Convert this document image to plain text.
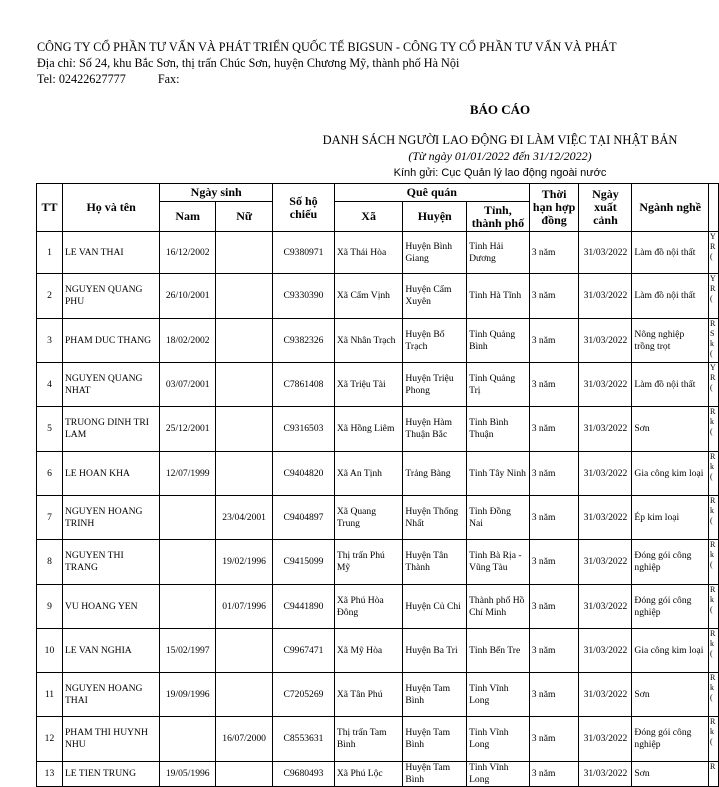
CÔNG TY CỔ PHẦN TƯ VẤN VÀ PHÁT TRIỂN QUỐC TẾ BIGSUN - CÔNG TY CỔ PHẦN TƯ VẤN VÀ PHÁT
Địa chỉ: Số 24, khu Bắc Sơn, thị trấn Chúc Sơn, huyện Chương Mỹ, thành phố Hà Nội
Tel: 02422627777	Fax:
BÁO CÁO
DANH SÁCH NGƯỜI LAO ĐỘNG ĐI LÀM VIỆC TẠI NHẬT BẢN
(Từ ngày 01/01/2022 đến 31/12/2022)
Kính gửi: Cục Quản lý lao động ngoài nước
TT	Họ và tên	Ngày sinh		Số hộ chiếu	Quê quán			Thời hạn hợp đồng	Ngày xuất cảnh	Ngành nghề	
		Nam	Nữ		Xã	Huyện	Tỉnh, thành phố				
1	LE VAN THAI	16/12/2002		C9380971	Xã Thái Hòa	Huyện Bình Giang	Tỉnh Hải Dương	3 năm	31/03/2022	Làm đồ nội thất	Y
R
(
2	NGUYEN QUANG PHU	26/10/2001		C9330390	Xã Cẩm Vịnh	Huyện Cẩm Xuyên	Tỉnh Hà Tĩnh	3 năm	31/03/2022	Làm đồ nội thất	Y
R
(
3	PHAM DUC THANG	18/02/2002		C9382326	Xã Nhân Trạch	Huyện Bố Trạch	Tỉnh Quảng Bình	3 năm	31/03/2022	Nông nghiệp trồng trọt	R
S
k
(
4	NGUYEN QUANG NHAT	03/07/2001		C7861408	Xã Triệu Tài	Huyện Triệu Phong	Tỉnh Quảng Trị	3 năm	31/03/2022	Làm đồ nội thất	Y
R
(
5	TRUONG DINH TRI LAM	25/12/2001		C9316503	Xã Hồng Liêm	Huyện Hàm Thuận Bắc	Tỉnh Bình Thuận	3 năm	31/03/2022	Sơn	R
k
(
6	LE HOAN KHA	12/07/1999		C9404820	Xã An Tịnh	Trảng Bàng	Tỉnh Tây Ninh	3 năm	31/03/2022	Gia công kim loại	R
k
(
7	NGUYEN HOANG TRINH		23/04/2001	C9404897	Xã Quang Trung	Huyện Thống Nhất	Tỉnh Đồng Nai	3 năm	31/03/2022	Ép kim loại	R
k
(
8	NGUYEN THI TRANG		19/02/1996	C9415099	Thị trấn Phú Mỹ	Huyện Tân Thành	Tỉnh Bà Rịa - Vũng Tàu	3 năm	31/03/2022	Đóng gói công nghiệp	R
k
(
9	VU HOANG YEN		01/07/1996	C9441890	Xã Phú Hòa Đông	Huyện Củ Chi	Thành phố Hồ Chí Minh	3 năm	31/03/2022	Đóng gói công nghiệp	R
k
(
10	LE VAN NGHIA	15/02/1997		C9967471	Xã Mỹ Hòa	Huyện Ba Tri	Tỉnh Bến Tre	3 năm	31/03/2022	Gia công kim loại	R
k
(
11	NGUYEN HOANG THAI	19/09/1996		C7205269	Xã Tân Phú	Huyện Tam Bình	Tỉnh Vĩnh Long	3 năm	31/03/2022	Sơn	R
k
(
12	PHAM THI HUYNH NHU		16/07/2000	C8553631	Thị trấn Tam Bình	Huyện Tam Bình	Tỉnh Vĩnh Long	3 năm	31/03/2022	Đóng gói công nghiệp	R
k
(
13	LE TIEN TRUNG	19/05/1996		C9680493	Xã Phú Lộc	Huyện Tam Bình	Tỉnh Vĩnh Long	3 năm	31/03/2022	Sơn	R
